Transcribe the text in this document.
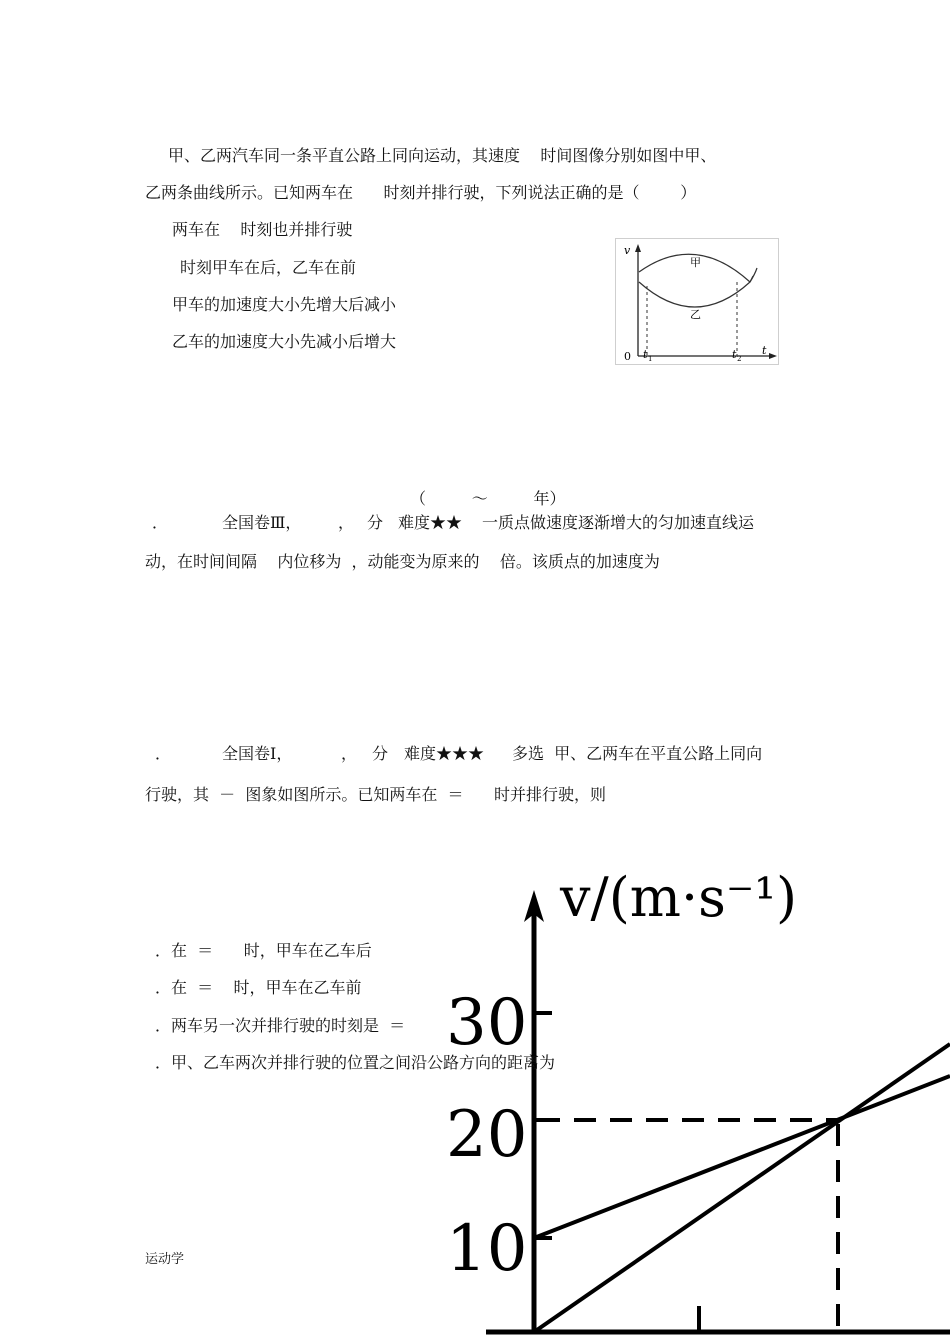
甲、乙两汽车同一条平直公路上同向运动，其速度    时间图像分别如图中甲、
乙两条曲线所示。已知两车在      时刻并排行驶，下列说法正确的是（        ）
两车在    时刻也并排行驶
时刻甲车在后，乙车在前
甲车的加速度大小先增大后减小
乙车的加速度大小先减小后增大
v
t
0
甲
乙
t 1	t 2
（         ～         年）
．	全国卷Ⅲ， ， 分 难度★★ 一质点做速度逐渐增大的匀加速直线运
动，在时间间隔    内位移为  ，动能变为原来的    倍。该质点的加速度为
．	全国卷Ⅰ，	， 分 难度★★★ 多选  甲、乙两车在平直公路上同向
行驶，其  －  图象如图所示。已知两车在  ＝      时并排行驶，则
v/(m·s⁻¹)
30
20
10
．在  ＝      时，甲车在乙车后
．在  ＝    时，甲车在乙车前
．两车另一次并排行驶的时刻是  ＝
．甲、乙车两次并排行驶的位置之间沿公路方向的距离为
运动学
